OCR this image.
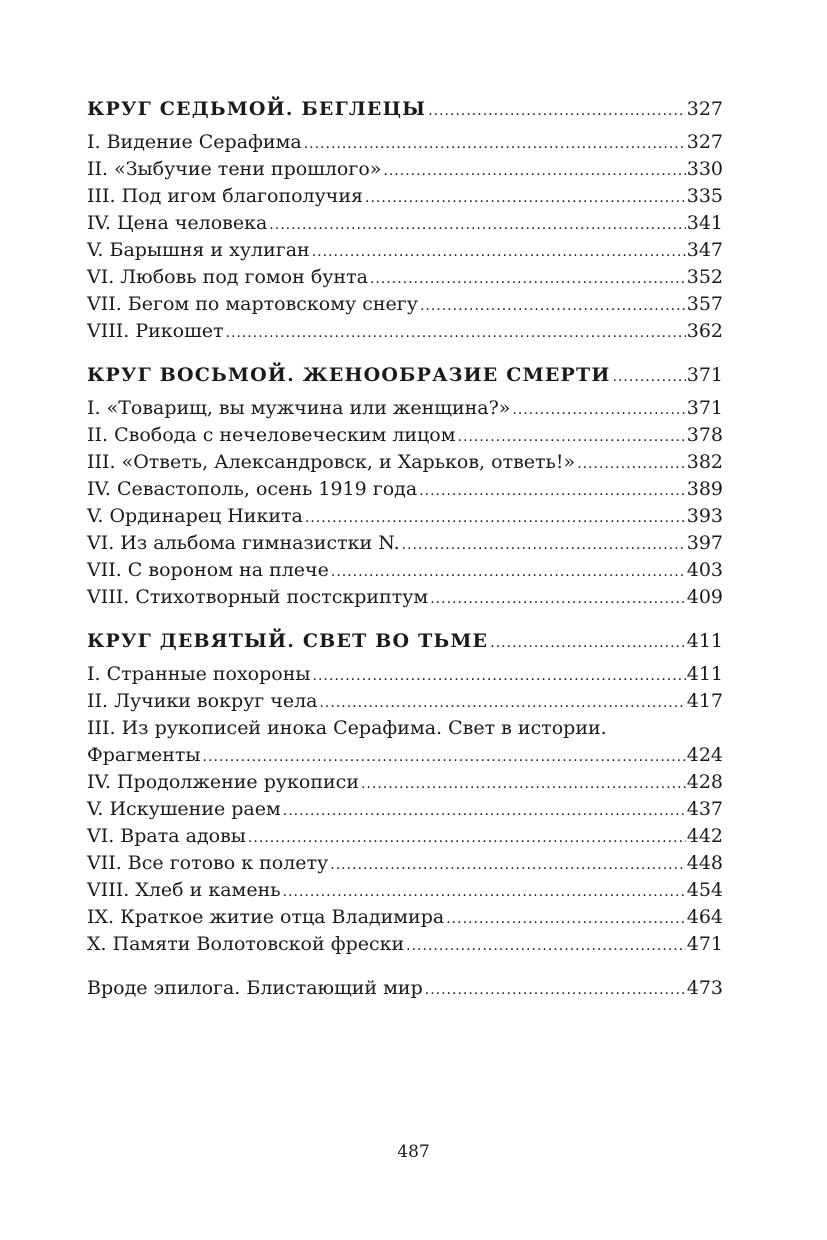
КРУГ СЕДЬМОЙ. БЕГЛЕЦЫ .....	327
I. Видение Серафима .....	327
II. «Зыбучие тени прошлого» .....	330
III. Под игом благополучия .....	335
IV. Цена человека .....	341
V. Барышня и хулиган .....	347
VI. Любовь под гомон бунта .....	352
VII. Бегом по мартовскому снегу .....	357
VIII. Рикошет .....	362
КРУГ ВОСЬМОЙ. ЖЕНООБРАЗИЕ СМЕРТИ .....	371
I. «Товарищ, вы мужчина или женщина?» .....	371
II. Свобода с нечеловеческим лицом .....	378
III. «Ответь, Александровск, и Харьков, ответь!» .....	382
IV. Севастополь, осень 1919 года .....	389
V. Ординарец Никита .....	393
VI. Из альбома гимназистки N. .....	397
VII. С вороном на плече .....	403
VIII. Стихотворный постскриптум .....	409
КРУГ ДЕВЯТЫЙ. СВЕТ ВО ТЬМЕ .....	411
I. Странные похороны .....	411
II. Лучики вокруг чела .....	417
III. Из рукописей инока Серафима. Свет в истории.
Фрагменты .....	424
IV. Продолжение рукописи .....	428
V. Искушение раем .....	437
VI. Врата адовы .....	442
VII. Все готово к полету .....	448
VIII. Хлеб и камень .....	454
IX. Краткое житие отца Владимира .....	464
X. Памяти Волотовской фрески .....	471
Вроде эпилога. Блистающий мир .....	473
487
